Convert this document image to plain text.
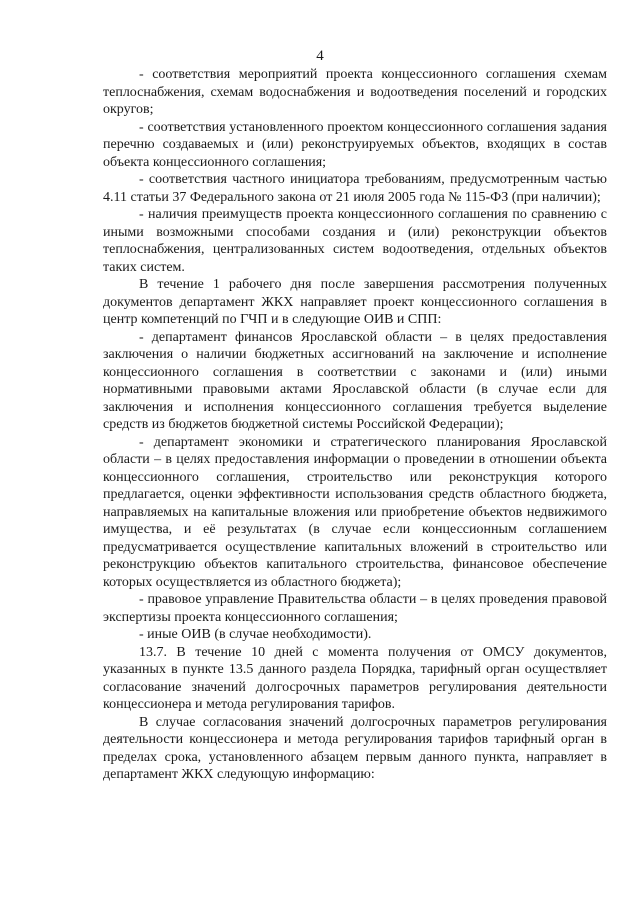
4

- соответствия мероприятий проекта концессионного соглашения схемам теплоснабжения, схемам водоснабжения и водоотведения поселений и городских округов;

- соответствия установленного проектом концессионного соглашения задания перечню создаваемых и (или) реконструируемых объектов, входящих в состав объекта концессионного соглашения;

- соответствия частного инициатора требованиям, предусмотренным частью 4.11 статьи 37 Федерального закона от 21 июля 2005 года № 115-ФЗ (при наличии);

- наличия преимуществ проекта концессионного соглашения по сравнению с иными возможными способами создания и (или) реконструкции объектов теплоснабжения, централизованных систем водоотведения, отдельных объектов таких систем.

В течение 1 рабочего дня после завершения рассмотрения полученных документов департамент ЖКХ направляет проект концессионного соглашения в центр компетенций по ГЧП и в следующие ОИВ и СПП:

- департамент финансов Ярославской области – в целях предоставления заключения о наличии бюджетных ассигнований на заключение и исполнение концессионного соглашения в соответствии с законами и (или) иными нормативными правовыми актами Ярославской области (в случае если для заключения и исполнения концессионного соглашения требуется выделение средств из бюджетов бюджетной системы Российской Федерации);

- департамент экономики и стратегического планирования Ярославской области – в целях предоставления информации о проведении в отношении объекта концессионного соглашения, строительство или реконструкция которого предлагается, оценки эффективности использования средств областного бюджета, направляемых на капитальные вложения или приобретение объектов недвижимого имущества, и её результатах (в случае если концессионным соглашением предусматривается осуществление капитальных вложений в строительство или реконструкцию объектов капитального строительства, финансовое обеспечение которых осуществляется из областного бюджета);

- правовое управление Правительства области – в целях проведения правовой экспертизы проекта концессионного соглашения;

- иные ОИВ (в случае необходимости).

13.7. В течение 10 дней с момента получения от ОМСУ документов, указанных в пункте 13.5 данного раздела Порядка, тарифный орган осуществляет согласование значений долгосрочных параметров регулирования деятельности концессионера и метода регулирования тарифов.

В случае согласования значений долгосрочных параметров регулирования деятельности концессионера и метода регулирования тарифов тарифный орган в пределах срока, установленного абзацем первым данного пункта, направляет в департамент ЖКХ следующую информацию:
